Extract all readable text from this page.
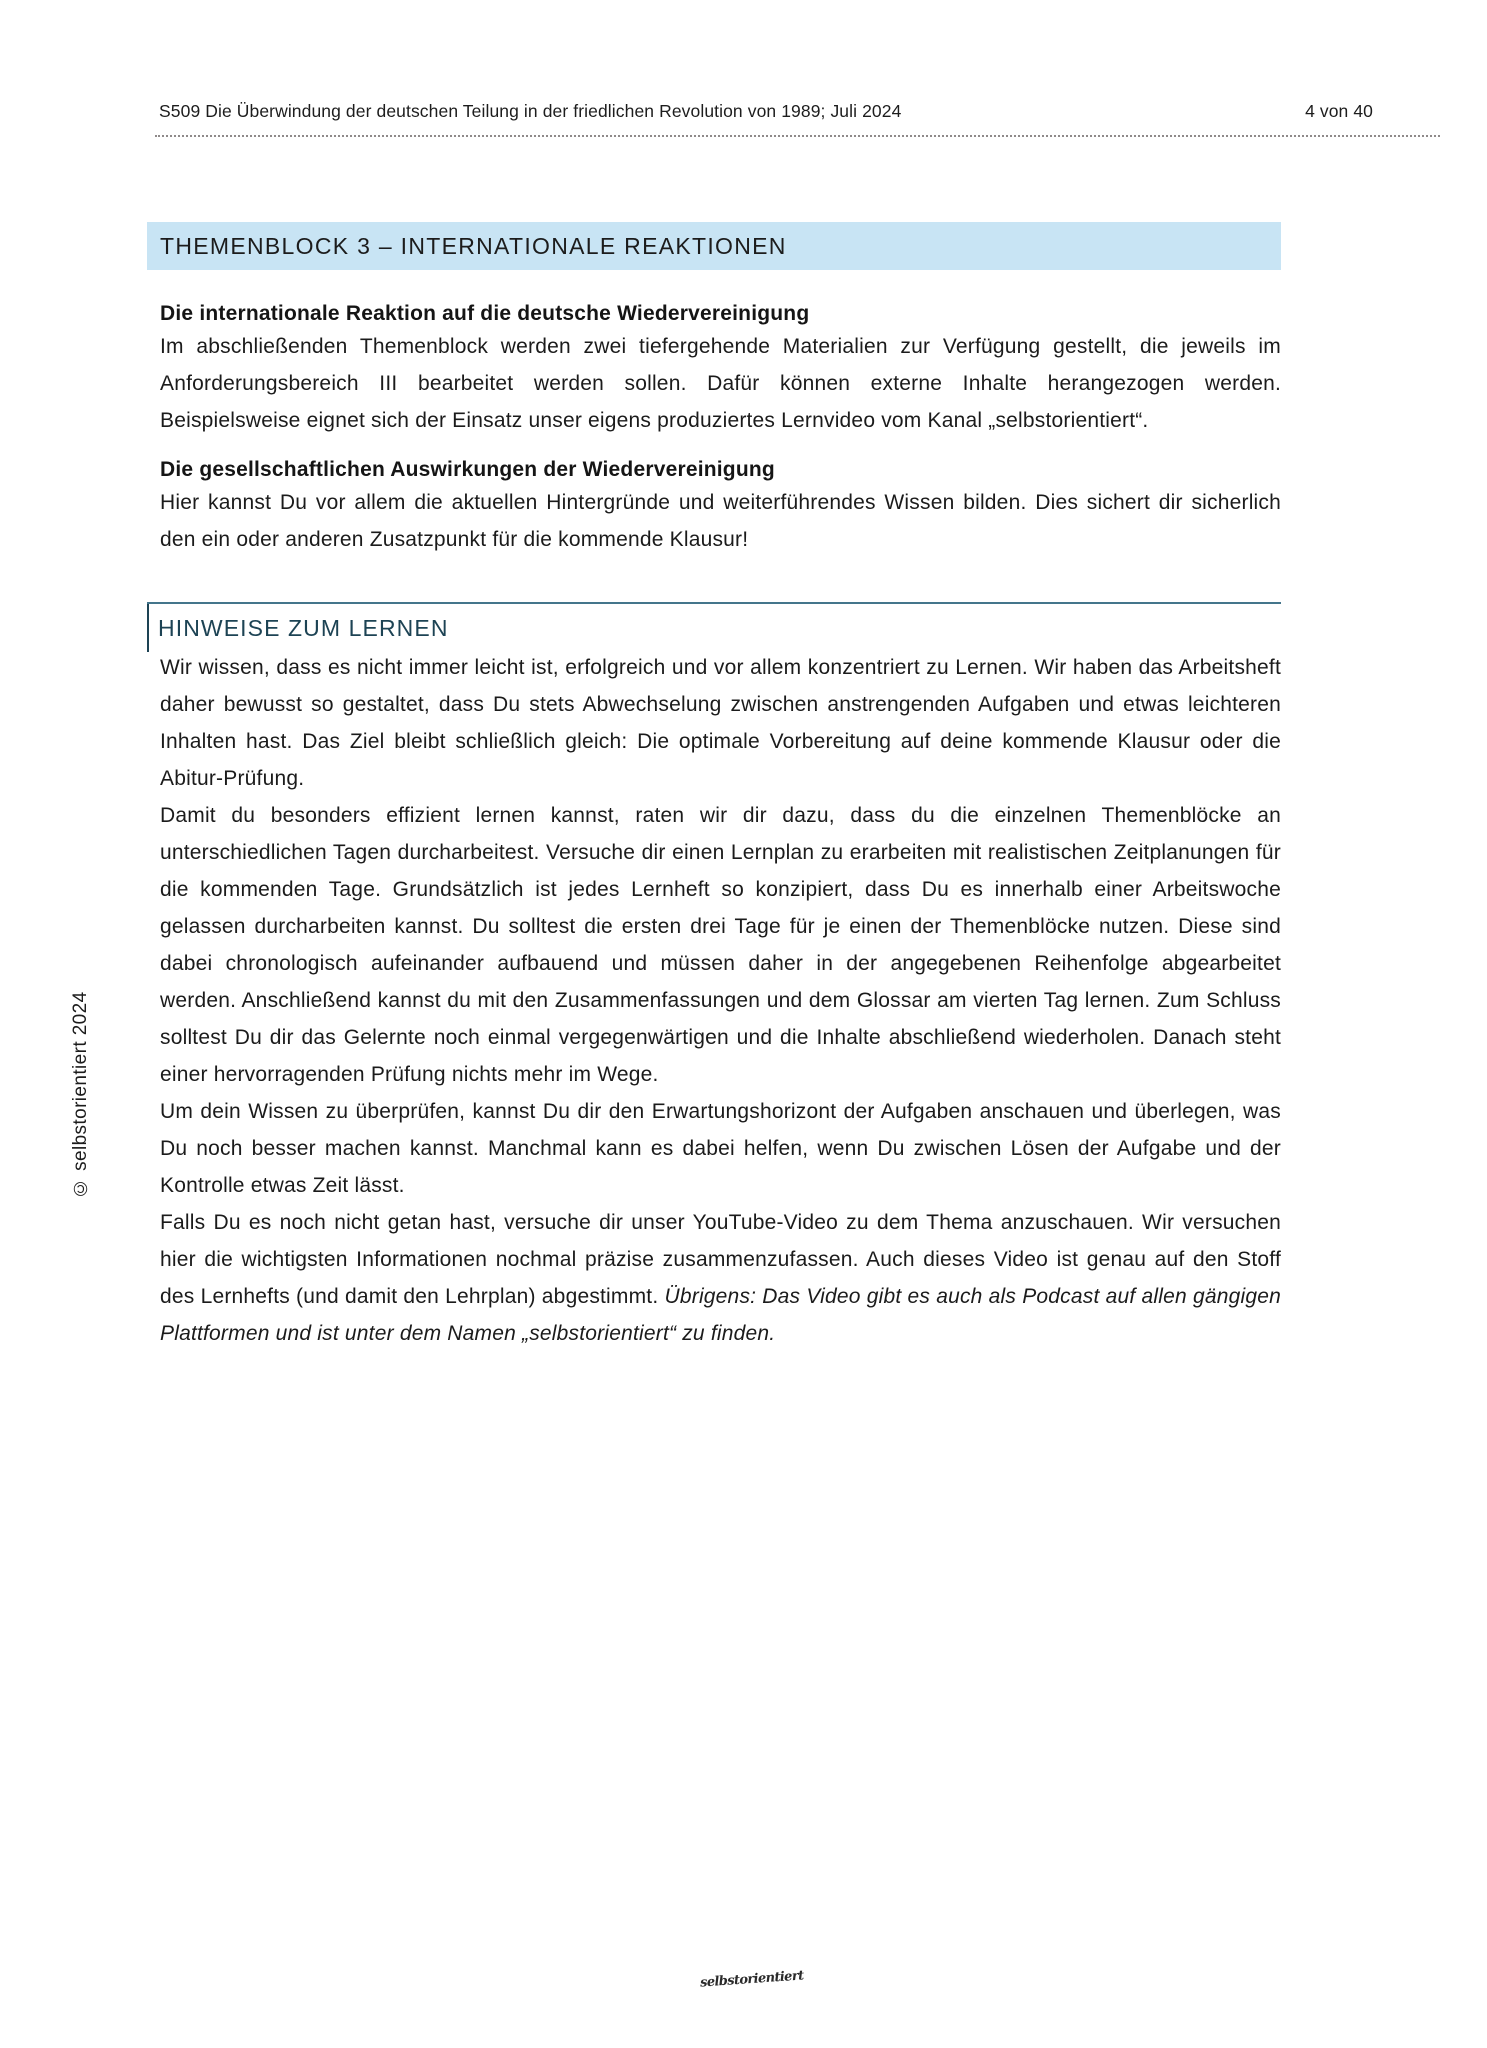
S509 Die Überwindung der deutschen Teilung in der friedlichen Revolution von 1989; Juli 2024	4 von 40
THEMENBLOCK 3 – INTERNATIONALE REAKTIONEN
Die internationale Reaktion auf die deutsche Wiedervereinigung

Im abschließenden Themenblock werden zwei tiefergehende Materialien zur Verfügung gestellt, die jeweils im Anforderungsbereich III bearbeitet werden sollen. Dafür können externe Inhalte herangezogen werden. Beispielsweise eignet sich der Einsatz unser eigens produziertes Lernvideo vom Kanal „selbstorientiert“.

Die gesellschaftlichen Auswirkungen der Wiedervereinigung

Hier kannst Du vor allem die aktuellen Hintergründe und weiterführendes Wissen bilden. Dies sichert dir sicherlich den ein oder anderen Zusatzpunkt für die kommende Klausur!

HINWEISE ZUM LERNEN

Wir wissen, dass es nicht immer leicht ist, erfolgreich und vor allem konzentriert zu Lernen. Wir haben das Arbeitsheft daher bewusst so gestaltet, dass Du stets Abwechselung zwischen anstrengenden Aufgaben und etwas leichteren Inhalten hast. Das Ziel bleibt schließlich gleich: Die optimale Vorbereitung auf deine kommende Klausur oder die Abitur-Prüfung.

Damit du besonders effizient lernen kannst, raten wir dir dazu, dass du die einzelnen Themenblöcke an unterschiedlichen Tagen durcharbeitest. Versuche dir einen Lernplan zu erarbeiten mit realistischen Zeitplanungen für die kommenden Tage. Grundsätzlich ist jedes Lernheft so konzipiert, dass Du es innerhalb einer Arbeitswoche gelassen durcharbeiten kannst. Du solltest die ersten drei Tage für je einen der Themenblöcke nutzen. Diese sind dabei chronologisch aufeinander aufbauend und müssen daher in der angegebenen Reihenfolge abgearbeitet werden. Anschließend kannst du mit den Zusammenfassungen und dem Glossar am vierten Tag lernen. Zum Schluss solltest Du dir das Gelernte noch einmal vergegenwärtigen und die Inhalte abschließend wiederholen. Danach steht einer hervorragenden Prüfung nichts mehr im Wege.

Um dein Wissen zu überprüfen, kannst Du dir den Erwartungshorizont der Aufgaben anschauen und überlegen, was Du noch besser machen kannst. Manchmal kann es dabei helfen, wenn Du zwischen Lösen der Aufgabe und der Kontrolle etwas Zeit lässt.

Falls Du es noch nicht getan hast, versuche dir unser YouTube-Video zu dem Thema anzuschauen. Wir versuchen hier die wichtigsten Informationen nochmal präzise zusammenzufassen. Auch dieses Video ist genau auf den Stoff des Lernhefts (und damit den Lehrplan) abgestimmt. Übrigens: Das Video gibt es auch als Podcast auf allen gängigen Plattformen und ist unter dem Namen „selbstorientiert“ zu finden.

© selbstorientiert 2024
selbstorientiert
